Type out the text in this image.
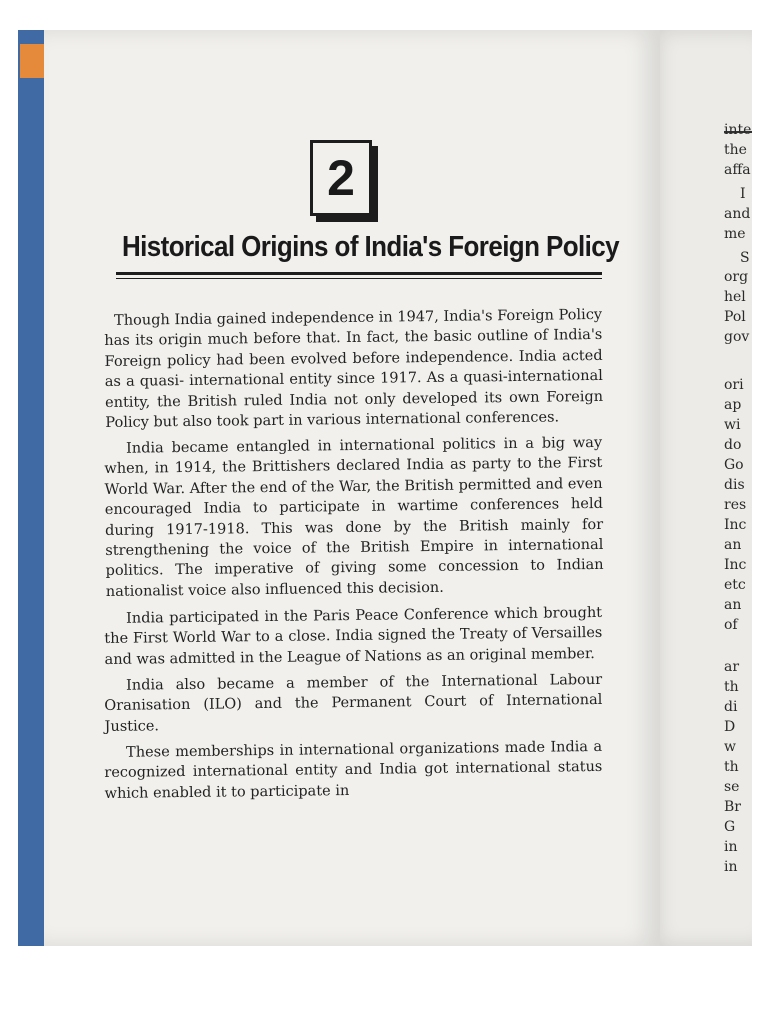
inte
the
affa
I
and
me
S
org
hel
Pol
gov
ori
ap
wi
do
Go
dis
res
Inc
an
Inc
etc
an
of
ar
th
di
D
w
th
se
Br
G
in
in
2
Historical Origins of India's Foreign Policy

Though India gained independence in 1947, India's Foreign Policy has its origin much before that. In fact, the basic outline of India's Foreign policy had been evolved before independence. India acted as a quasi- international entity since 1917. As a quasi-international entity, the British ruled India not only developed its own Foreign Policy but also took part in various international conferences.

India became entangled in international politics in a big way when, in 1914, the Brittishers declared India as party to the First World War. After the end of the War, the British permitted and even encouraged India to participate in wartime conferences held during 1917-1918. This was done by the British mainly for strengthening the voice of the British Empire in international politics. The imperative of giving some concession to Indian nationalist voice also influenced this decision.

India participated in the Paris Peace Conference which brought the First World War to a close. India signed the Treaty of Versailles and was admitted in the League of Nations as an original member.

India also became a member of the International Labour Oranisation (ILO) and the Permanent Court of International Justice.

These memberships in international organizations made India a recognized international entity and India got international status which enabled it to participate in
